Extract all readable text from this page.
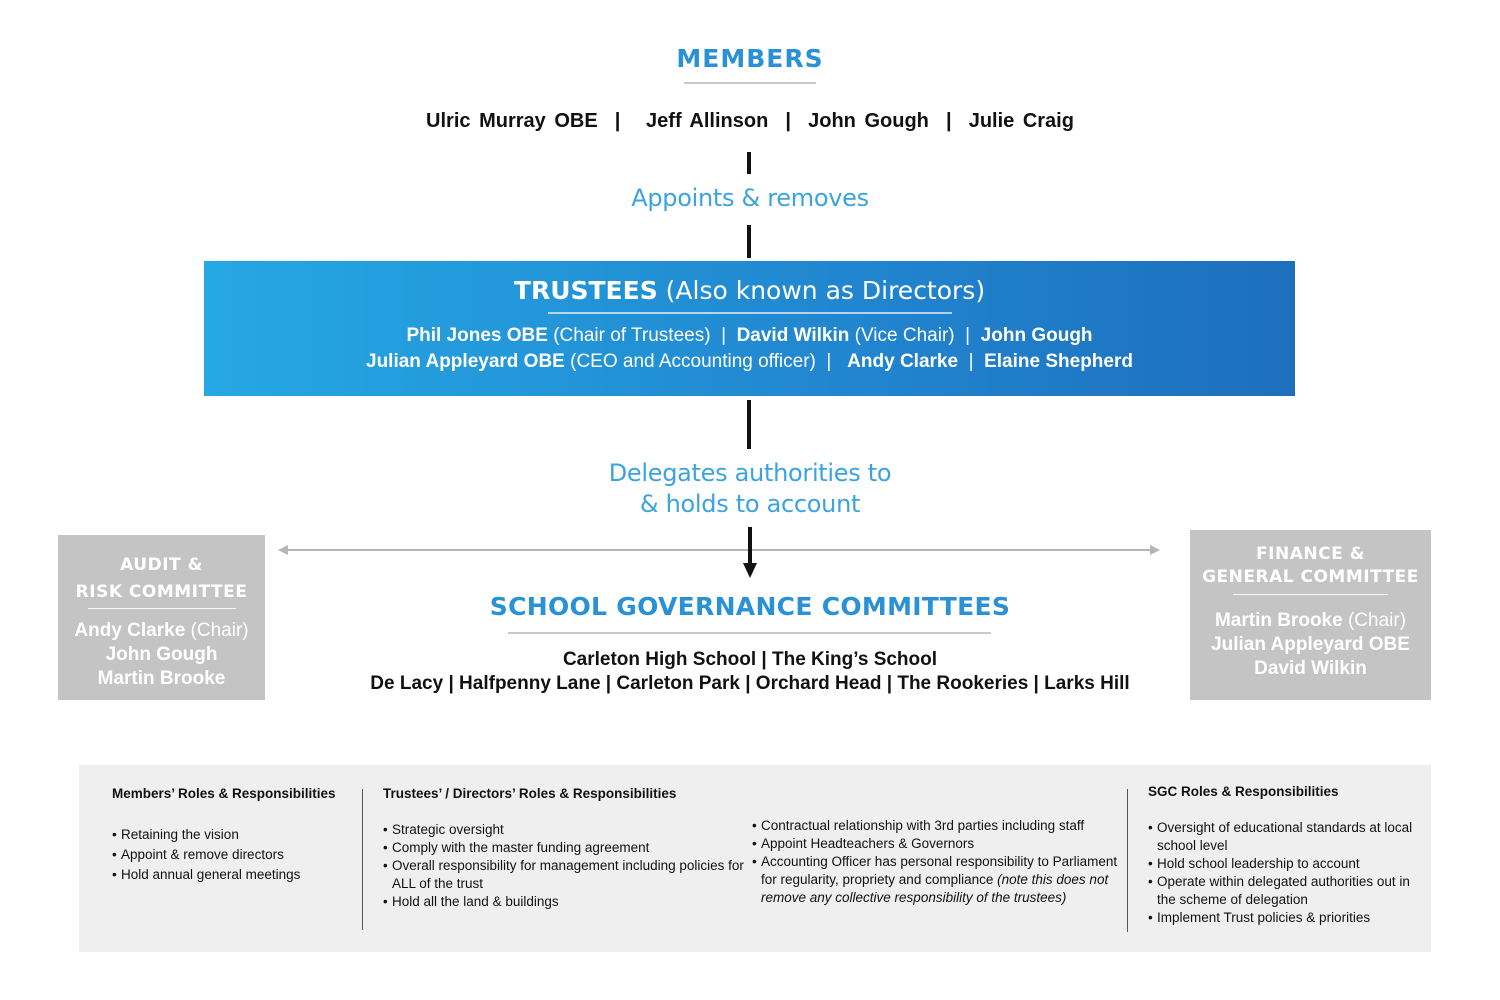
MEMBERS
Ulric Murray OBE  |   Jeff Allinson  |  John Gough  |  Julie Craig
Appoints & removes
TRUSTEES (Also known as Directors)
Phil Jones OBE (Chair of Trustees)  |  David Wilkin (Vice Chair)  |  John Gough
Julian Appleyard OBE (CEO and Accounting officer)  |   Andy Clarke  |  Elaine Shepherd
Delegates authorities to
& holds to account
AUDIT &
RISK COMMITTEE
Andy Clarke (Chair)
John Gough
Martin Brooke
FINANCE &
GENERAL COMMITTEE
Martin Brooke (Chair)
Julian Appleyard OBE
David Wilkin
SCHOOL GOVERNANCE COMMITTEES
Carleton High School | The King’s School
De Lacy | Halfpenny Lane | Carleton Park | Orchard Head | The Rookeries | Larks Hill
Members’ Roles & Responsibilities
• Retaining the vision
• Appoint & remove directors
• Hold annual general meetings
Trustees’ / Directors’ Roles & Responsibilities
• Strategic oversight
• Comply with the master funding agreement
• Overall responsibility for management including policies for ALL of the trust
• Hold all the land & buildings
• Contractual relationship with 3rd parties including staff
• Appoint Headteachers & Governors
• Accounting Officer has personal responsibility to Parliament for regularity, propriety and compliance (note this does not remove any collective responsibility of the trustees)
SGC Roles & Responsibilities
• Oversight of educational standards at local school level
• Hold school leadership to account
• Operate within delegated authorities out in the scheme of delegation
• Implement Trust policies & priorities
